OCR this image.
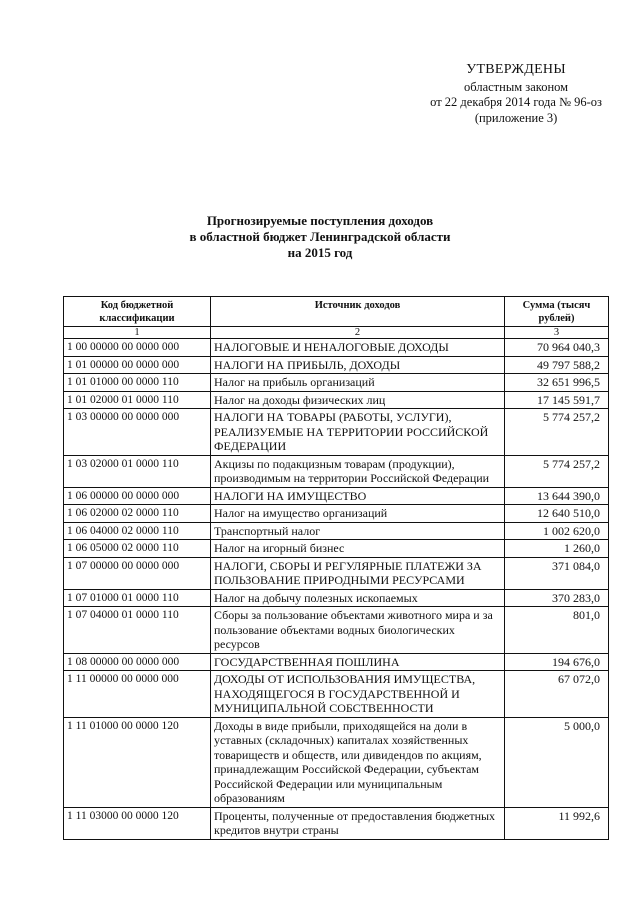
УТВЕРЖДЕНЫ
областным законом
от 22 декабря 2014 года № 96-оз
(приложение 3)
Прогнозируемые поступления доходов
в областной бюджет Ленинградской области
на 2015 год
Код бюджетной классификации	Источник доходов	Сумма (тысяч рублей)
1	2	3
1 00 00000 00 0000 000	НАЛОГОВЫЕ И НЕНАЛОГОВЫЕ ДОХОДЫ	70 964 040,3
1 01 00000 00 0000 000	НАЛОГИ НА ПРИБЫЛЬ, ДОХОДЫ	49 797 588,2
1 01 01000 00 0000 110	Налог на прибыль организаций	32 651 996,5
1 01 02000 01 0000 110	Налог на доходы физических лиц	17 145 591,7
1 03 00000 00 0000 000	НАЛОГИ НА ТОВАРЫ (РАБОТЫ, УСЛУГИ), РЕАЛИЗУЕМЫЕ НА ТЕРРИТОРИИ РОССИЙСКОЙ ФЕДЕРАЦИИ	5 774 257,2
1 03 02000 01 0000 110	Акцизы по подакцизным товарам (продукции), производимым на территории Российской Федерации	5 774 257,2
1 06 00000 00 0000 000	НАЛОГИ НА ИМУЩЕСТВО	13 644 390,0
1 06 02000 02 0000 110	Налог на имущество организаций	12 640 510,0
1 06 04000 02 0000 110	Транспортный налог	1 002 620,0
1 06 05000 02 0000 110	Налог на игорный бизнес	1 260,0
1 07 00000 00 0000 000	НАЛОГИ, СБОРЫ И РЕГУЛЯРНЫЕ ПЛАТЕЖИ ЗА ПОЛЬЗОВАНИЕ ПРИРОДНЫМИ РЕСУРСАМИ	371 084,0
1 07 01000 01 0000 110	Налог на добычу полезных ископаемых	370 283,0
1 07 04000 01 0000 110	Сборы за пользование объектами животного мира и за пользование объектами водных биологических ресурсов	801,0
1 08 00000 00 0000 000	ГОСУДАРСТВЕННАЯ ПОШЛИНА	194 676,0
1 11 00000 00 0000 000	ДОХОДЫ ОТ ИСПОЛЬЗОВАНИЯ ИМУЩЕСТВА, НАХОДЯЩЕГОСЯ В ГОСУДАРСТВЕННОЙ И МУНИЦИПАЛЬНОЙ СОБСТВЕННОСТИ	67 072,0
1 11 01000 00 0000 120	Доходы в виде прибыли, приходящейся на доли в уставных (складочных) капиталах хозяйственных товариществ и обществ, или дивидендов по акциям, принадлежащим Российской Федерации, субъектам Российской Федерации или муниципальным образованиям	5 000,0
1 11 03000 00 0000 120	Проценты, полученные от предоставления бюджетных кредитов внутри страны	11 992,6
